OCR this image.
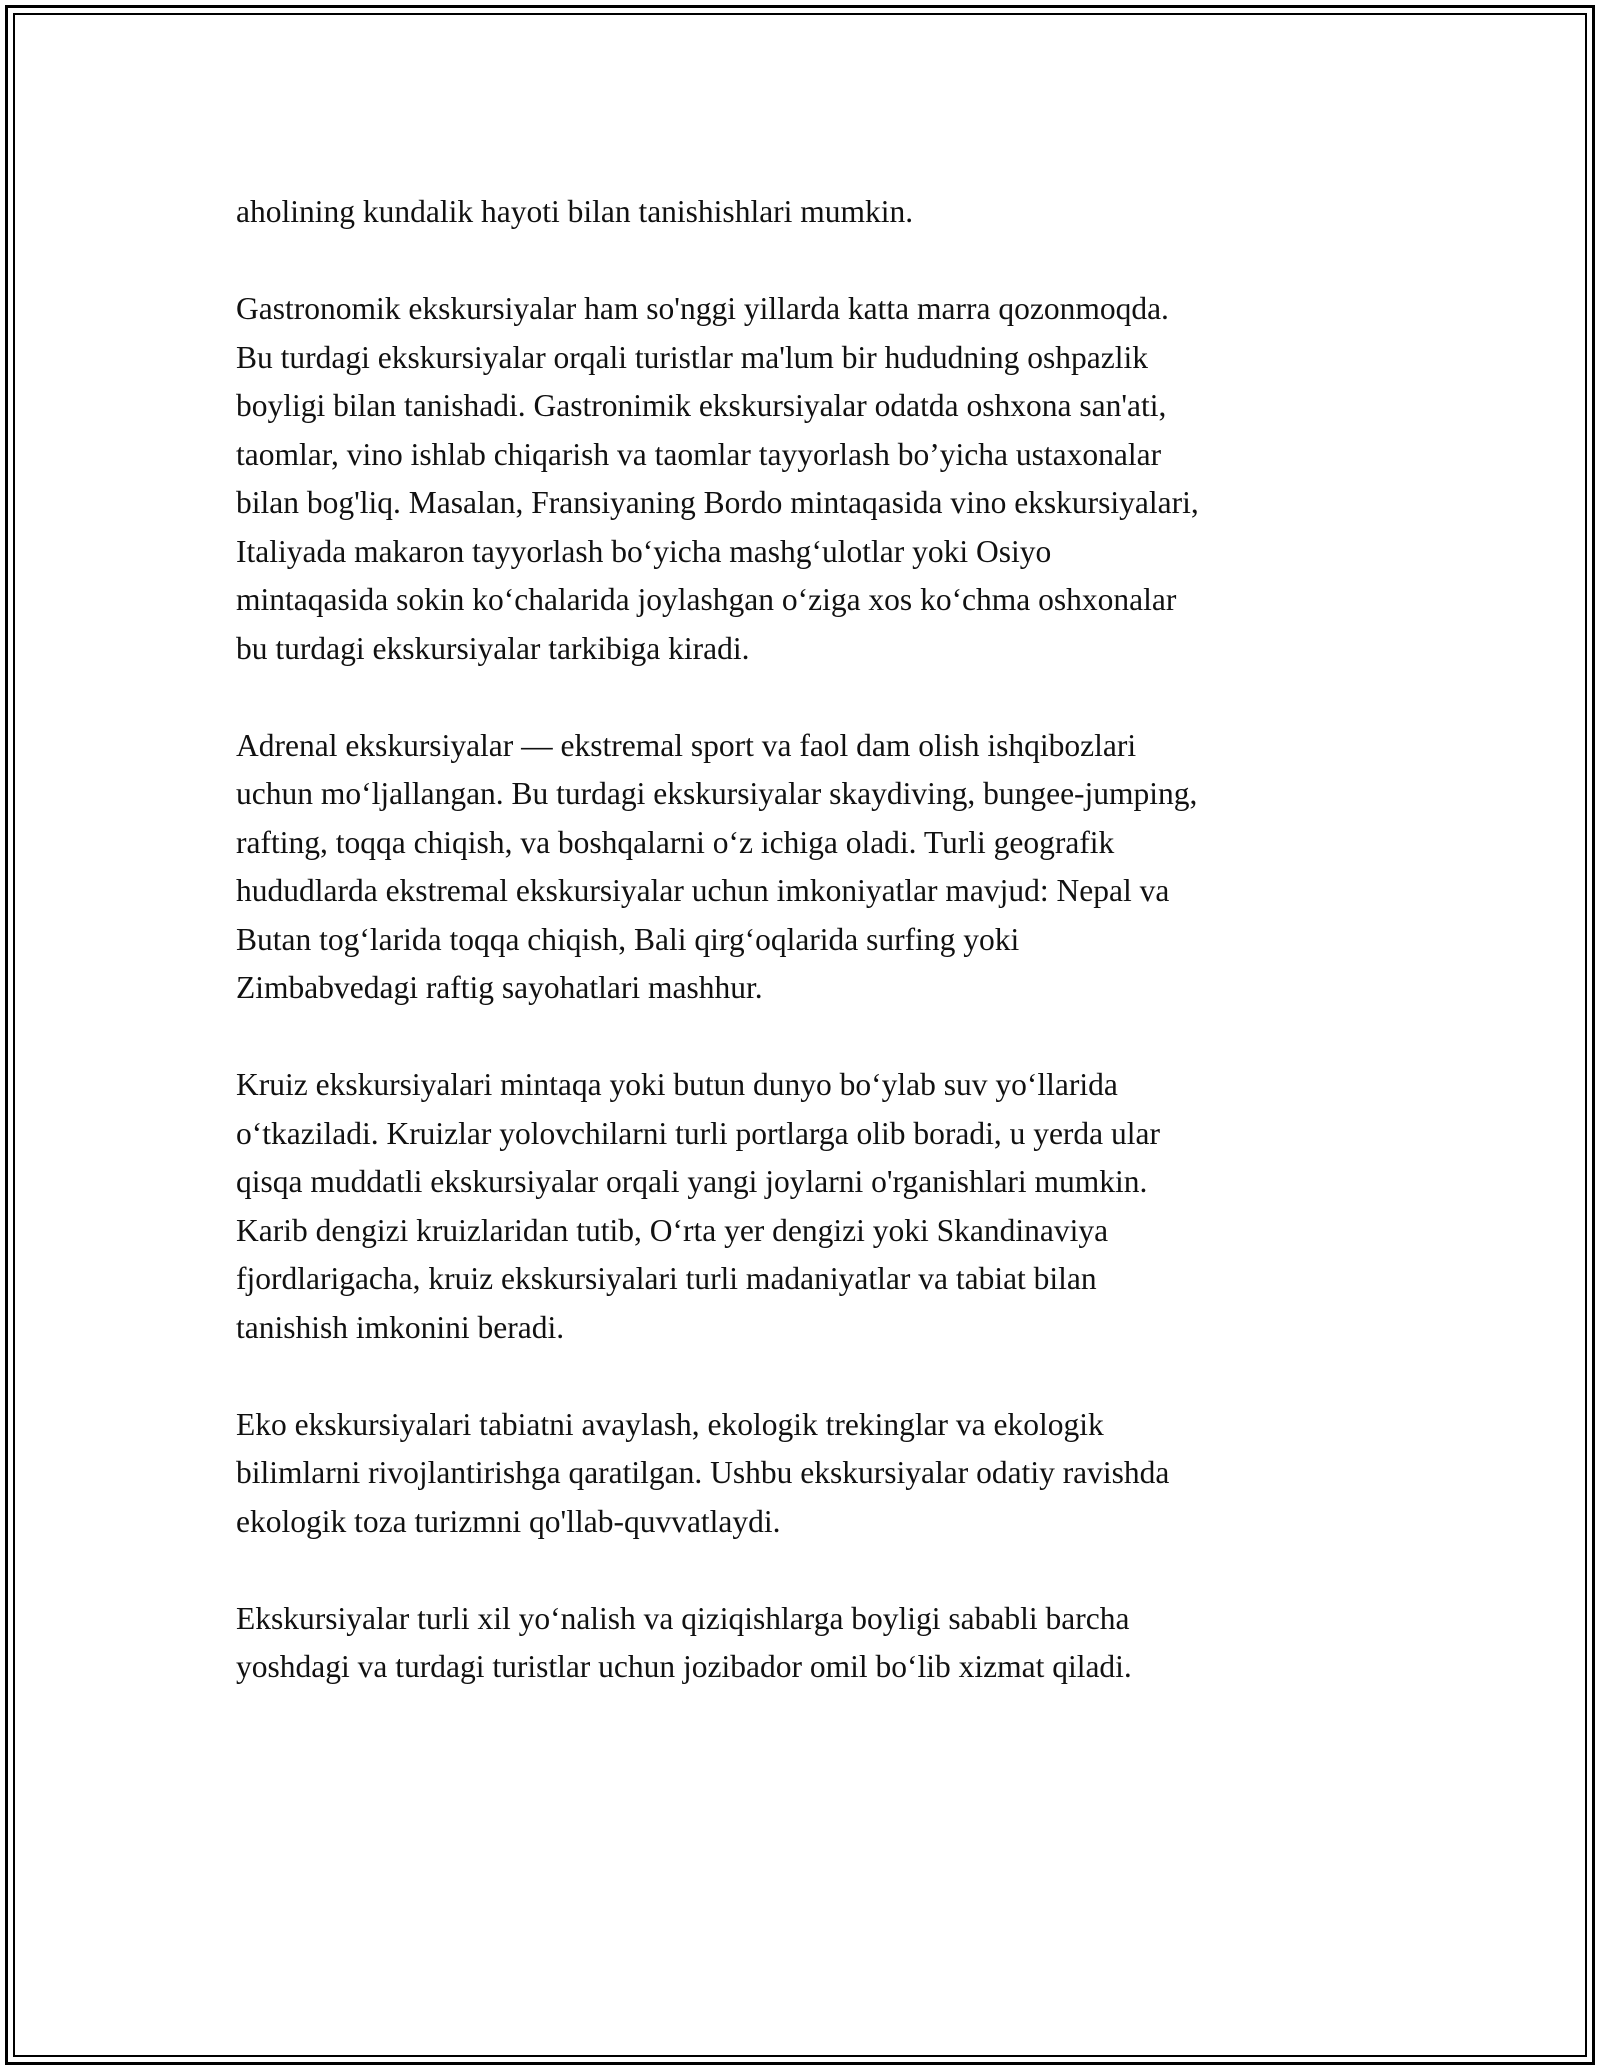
aholining kundalik hayoti bilan tanishishlari mumkin.

Gastronomik ekskursiyalar ham so'nggi yillarda katta marra qozonmoqda.
Bu turdagi ekskursiyalar orqali turistlar ma'lum bir hududning oshpazlik
boyligi bilan tanishadi. Gastronimik ekskursiyalar odatda oshxona san'ati,
taomlar, vino ishlab chiqarish va taomlar tayyorlash bo’yicha ustaxonalar
bilan bog'liq. Masalan, Fransiyaning Bordo mintaqasida vino ekskursiyalari,
Italiyada makaron tayyorlash bo‘yicha mashg‘ulotlar yoki Osiyo
mintaqasida sokin ko‘chalarida joylashgan o‘ziga xos ko‘chma oshxonalar
bu turdagi ekskursiyalar tarkibiga kiradi.

Adrenal ekskursiyalar — ekstremal sport va faol dam olish ishqibozlari
uchun mo‘ljallangan. Bu turdagi ekskursiyalar skaydiving, bungee-jumping,
rafting, toqqa chiqish, va boshqalarni o‘z ichiga oladi. Turli geografik
hududlarda ekstremal ekskursiyalar uchun imkoniyatlar mavjud: Nepal va
Butan tog‘larida toqqa chiqish, Bali qirg‘oqlarida surfing yoki
Zimbabvedagi raftig sayohatlari mashhur.

Kruiz ekskursiyalari mintaqa yoki butun dunyo bo‘ylab suv yo‘llarida
o‘tkaziladi. Kruizlar yolovchilarni turli portlarga olib boradi, u yerda ular
qisqa muddatli ekskursiyalar orqali yangi joylarni o'rganishlari mumkin.
Karib dengizi kruizlaridan tutib, O‘rta yer dengizi yoki Skandinaviya
fjordlarigacha, kruiz ekskursiyalari turli madaniyatlar va tabiat bilan
tanishish imkonini beradi.

Eko ekskursiyalari tabiatni avaylash, ekologik trekinglar va ekologik
bilimlarni rivojlantirishga qaratilgan. Ushbu ekskursiyalar odatiy ravishda
ekologik toza turizmni qo'llab-quvvatlaydi.

Ekskursiyalar turli xil yo‘nalish va qiziqishlarga boyligi sababli barcha
yoshdagi va turdagi turistlar uchun jozibador omil bo‘lib xizmat qiladi.
